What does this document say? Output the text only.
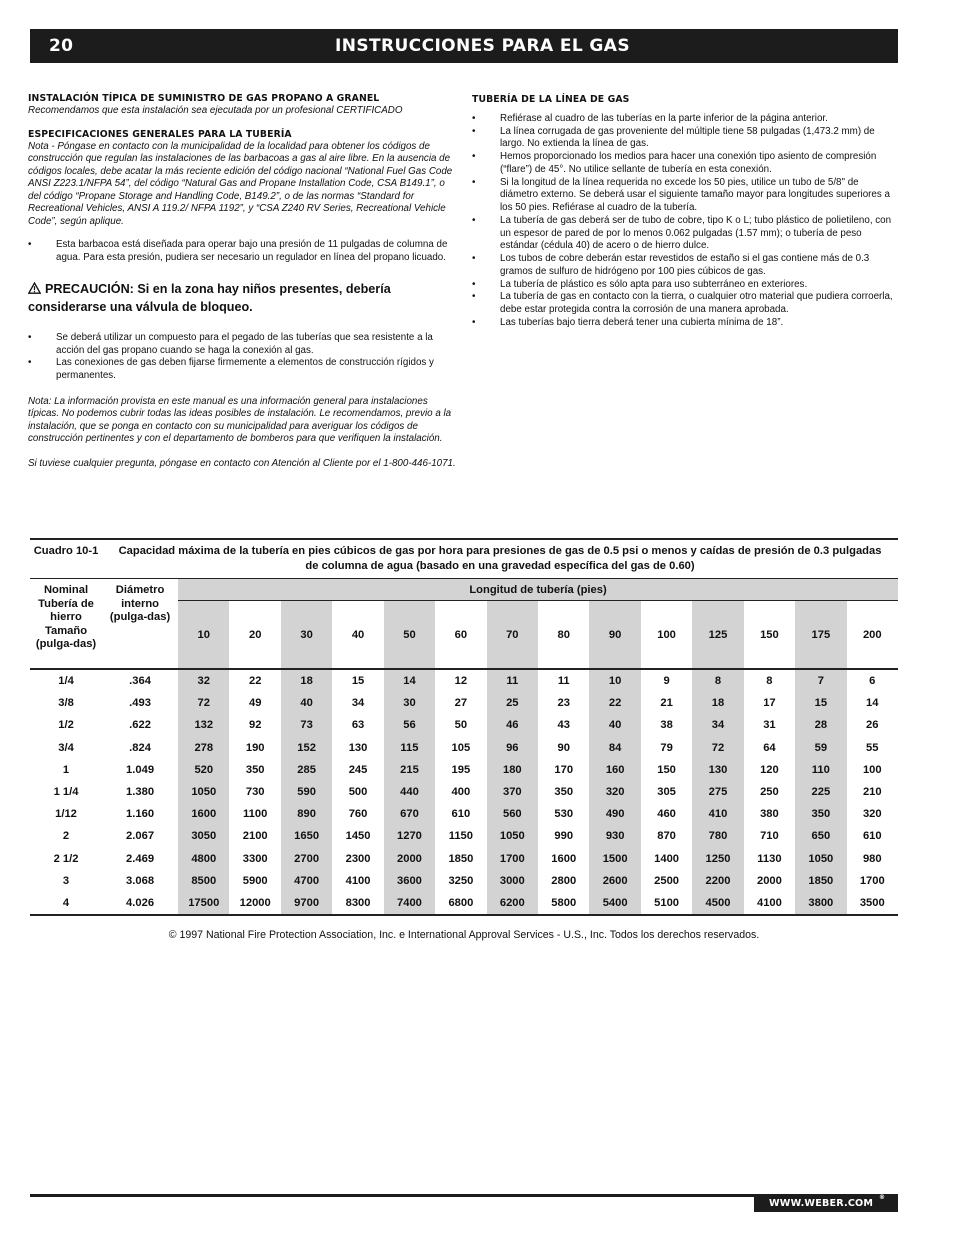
20	INSTRUCCIONES PARA EL GAS

INSTALACIÓN TÍPICA DE SUMINISTRO DE GAS PROPANO A GRANEL

Recomendamos que esta instalación sea ejecutada por un profesional CERTIFICADO

ESPECIFICACIONES GENERALES PARA LA TUBERÍA

Nota - Póngase en contacto con la municipalidad de la localidad para obtener los códigos de construcción que regulan las instalaciones de las barbacoas a gas al aire libre. En la ausencia de códigos locales, debe acatar la más reciente edición del código nacional “National Fuel Gas Code ANSI Z223.1/NFPA 54”, del código “Natural Gas and Propane Installation Code, CSA B149.1”, o del código “Propane Storage and Handling Code, B149.2”, o de las normas “Standard for Recreational Vehicles, ANSI A 119.2/ NFPA 1192”, y “CSA Z240 RV Series, Recreational Vehicle Code”, según aplique.

•	Esta barbacoa está diseñada para operar bajo una presión de 11 pulgadas de columna de agua. Para esta presión, pudiera ser necesario un regulador en línea del propano licuado.

PRECAUCIÓN: Si en la zona hay niños presentes, debería considerarse una válvula de bloqueo.

•	Se deberá utilizar un compuesto para el pegado de las tuberías que sea resistente a la acción del gas propano cuando se haga la conexión al gas.
•	Las conexiones de gas deben fijarse firmemente a elementos de construcción rígidos y permanentes.

Nota: La información provista en este manual es una información general para instalaciones típicas. No podemos cubrir todas las ideas posibles de instalación. Le recomendamos, previo a la instalación, que se ponga en contacto con su municipalidad para averiguar los códigos de construcción pertinentes y con el departamento de bomberos para que verifiquen la instalación.

Si tuviese cualquier pregunta, póngase en contacto con Atención al Cliente por el 1-800-446-1071.

TUBERÍA DE LA LÍNEA DE GAS

•	Refiérase al cuadro de las tuberías en la parte inferior de la página anterior.
•	La línea corrugada de gas proveniente del múltiple tiene 58 pulgadas (1,473.2 mm) de largo. No extienda la línea de gas.
•	Hemos proporcionado los medios para hacer una conexión tipo asiento de compresión (“flare”) de 45°. No utilice sellante de tubería en esta conexión.
•	Si la longitud de la línea requerida no excede los 50 pies, utilice un tubo de 5/8" de diámetro externo. Se deberá usar el siguiente tamaño mayor para longitudes superiores a los 50 pies. Refiérase al cuadro de la tubería.
•	La tubería de gas deberá ser de tubo de cobre, tipo K o L; tubo plástico de polietileno, con un espesor de pared de por lo menos 0.062 pulgadas (1.57 mm); o tubería de peso estándar (cédula 40) de acero o de hierro dulce.
•	Los tubos de cobre deberán estar revestidos de estaño si el gas contiene más de 0.3 gramos de sulfuro de hidrógeno por 100 pies cúbicos de gas.
•	La tubería de plástico es sólo apta para uso subterráneo en exteriores.
•	La tubería de gas en contacto con la tierra, o cualquier otro material que pudiera corroerla, debe estar protegida contra la corrosión de una manera aprobada.
•	Las tuberías bajo tierra deberá tener una cubierta mínima de 18”.
Cuadro 10-1	Capacidad máxima de la tubería en pies cúbicos de gas por hora para presiones de gas de 0.5 psi o menos y caídas de presión de 0.3 pulgadas
de columna de agua (basado en una gravedad específica del gas de 0.60)														

Nominal Tubería de hierro Tamaño (pulga-das)	Diámetro interno (pulga-das)	Longitud de tubería (pies)													
		10	20	30	40	50	60	70	80	90	100	125	150	175	200
1/4	.364	32	22	18	15	14	12	11	11	10	9	8	8	7	6
3/8	.493	72	49	40	34	30	27	25	23	22	21	18	17	15	14
1/2	.622	132	92	73	63	56	50	46	43	40	38	34	31	28	26
3/4	.824	278	190	152	130	115	105	96	90	84	79	72	64	59	55
1	1.049	520	350	285	245	215	195	180	170	160	150	130	120	110	100
1 1/4	1.380	1050	730	590	500	440	400	370	350	320	305	275	250	225	210
1/12	1.160	1600	1100	890	760	670	610	560	530	490	460	410	380	350	320
2	2.067	3050	2100	1650	1450	1270	1150	1050	990	930	870	780	710	650	610
2 1/2	2.469	4800	3300	2700	2300	2000	1850	1700	1600	1500	1400	1250	1130	1050	980
3	3.068	8500	5900	4700	4100	3600	3250	3000	2800	2600	2500	2200	2000	1850	1700
4	4.026	17500	12000	9700	8300	7400	6800	6200	5800	5400	5100	4500	4100	3800	3500
© 1997 National Fire Protection Association, Inc. e International Approval Services - U.S., Inc. Todos los derechos reservados.
WWW.WEBER.COM
®
